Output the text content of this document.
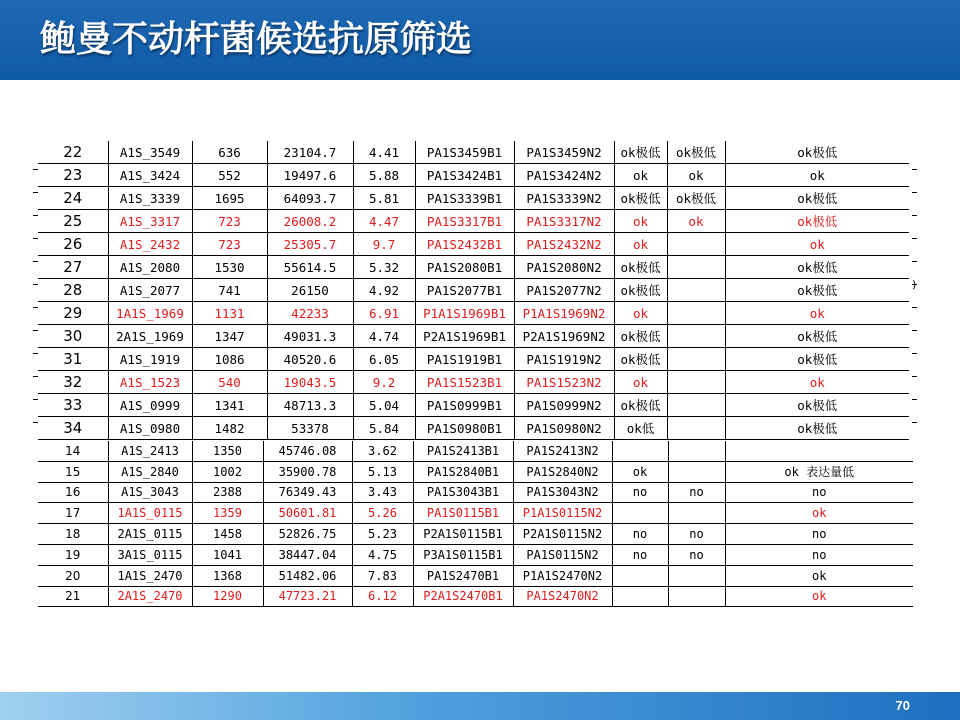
鲍曼不动杆菌候选抗原筛选
22	A1S_3549	636	23104.7	4.41	PA1S3459B1	PA1S3459N2	ok极低	ok极低	ok极低
23	A1S_3424	552	19497.6	5.88	PA1S3424B1	PA1S3424N2	ok	ok	ok
24	A1S_3339	1695	64093.7	5.81	PA1S3339B1	PA1S3339N2	ok极低	ok极低	ok极低
25	A1S_3317	723	26008.2	4.47	PA1S3317B1	PA1S3317N2	ok	ok	ok极低
26	A1S_2432	723	25305.7	9.7	PA1S2432B1	PA1S2432N2	ok		ok
27	A1S_2080	1530	55614.5	5.32	PA1S2080B1	PA1S2080N2	ok极低		ok极低
28	A1S_2077	741	26150	4.92	PA1S2077B1	PA1S2077N2	ok极低		ok极低
29	1A1S_1969	1131	42233	6.91	P1A1S1969B1	P1A1S1969N2	ok		ok
30	2A1S_1969	1347	49031.3	4.74	P2A1S1969B1	P2A1S1969N2	ok极低		ok极低
31	A1S_1919	1086	40520.6	6.05	PA1S1919B1	PA1S1919N2	ok极低		ok极低
32	A1S_1523	540	19043.5	9.2	PA1S1523B1	PA1S1523N2	ok		ok
33	A1S_0999	1341	48713.3	5.04	PA1S0999B1	PA1S0999N2	ok极低		ok极低
34	A1S_0980	1482	53378	5.84	PA1S0980B1	PA1S0980N2	ok低		ok极低
14	A1S_2413	1350	45746.08	3.62	PA1S2413B1	PA1S2413N2			
15	A1S_2840	1002	35900.78	5.13	PA1S2840B1	PA1S2840N2	ok		ok 表达量低
16	A1S_3043	2388	76349.43	3.43	PA1S3043B1	PA1S3043N2	no	no	no
17	1A1S_0115	1359	50601.81	5.26	PA1S0115B1	P1A1S0115N2			ok
18	2A1S_0115	1458	52826.75	5.23	P2A1S0115B1	P2A1S0115N2	no	no	no
19	3A1S_0115	1041	38447.04	4.75	P3A1S0115B1	PA1S0115N2	no	no	no
20	1A1S_2470	1368	51482.06	7.83	PA1S2470B1	P1A1S2470N2			ok
21	2A1S_2470	1290	47723.21	6.12	P2A1S2470B1	PA1S2470N2			ok
)
70
